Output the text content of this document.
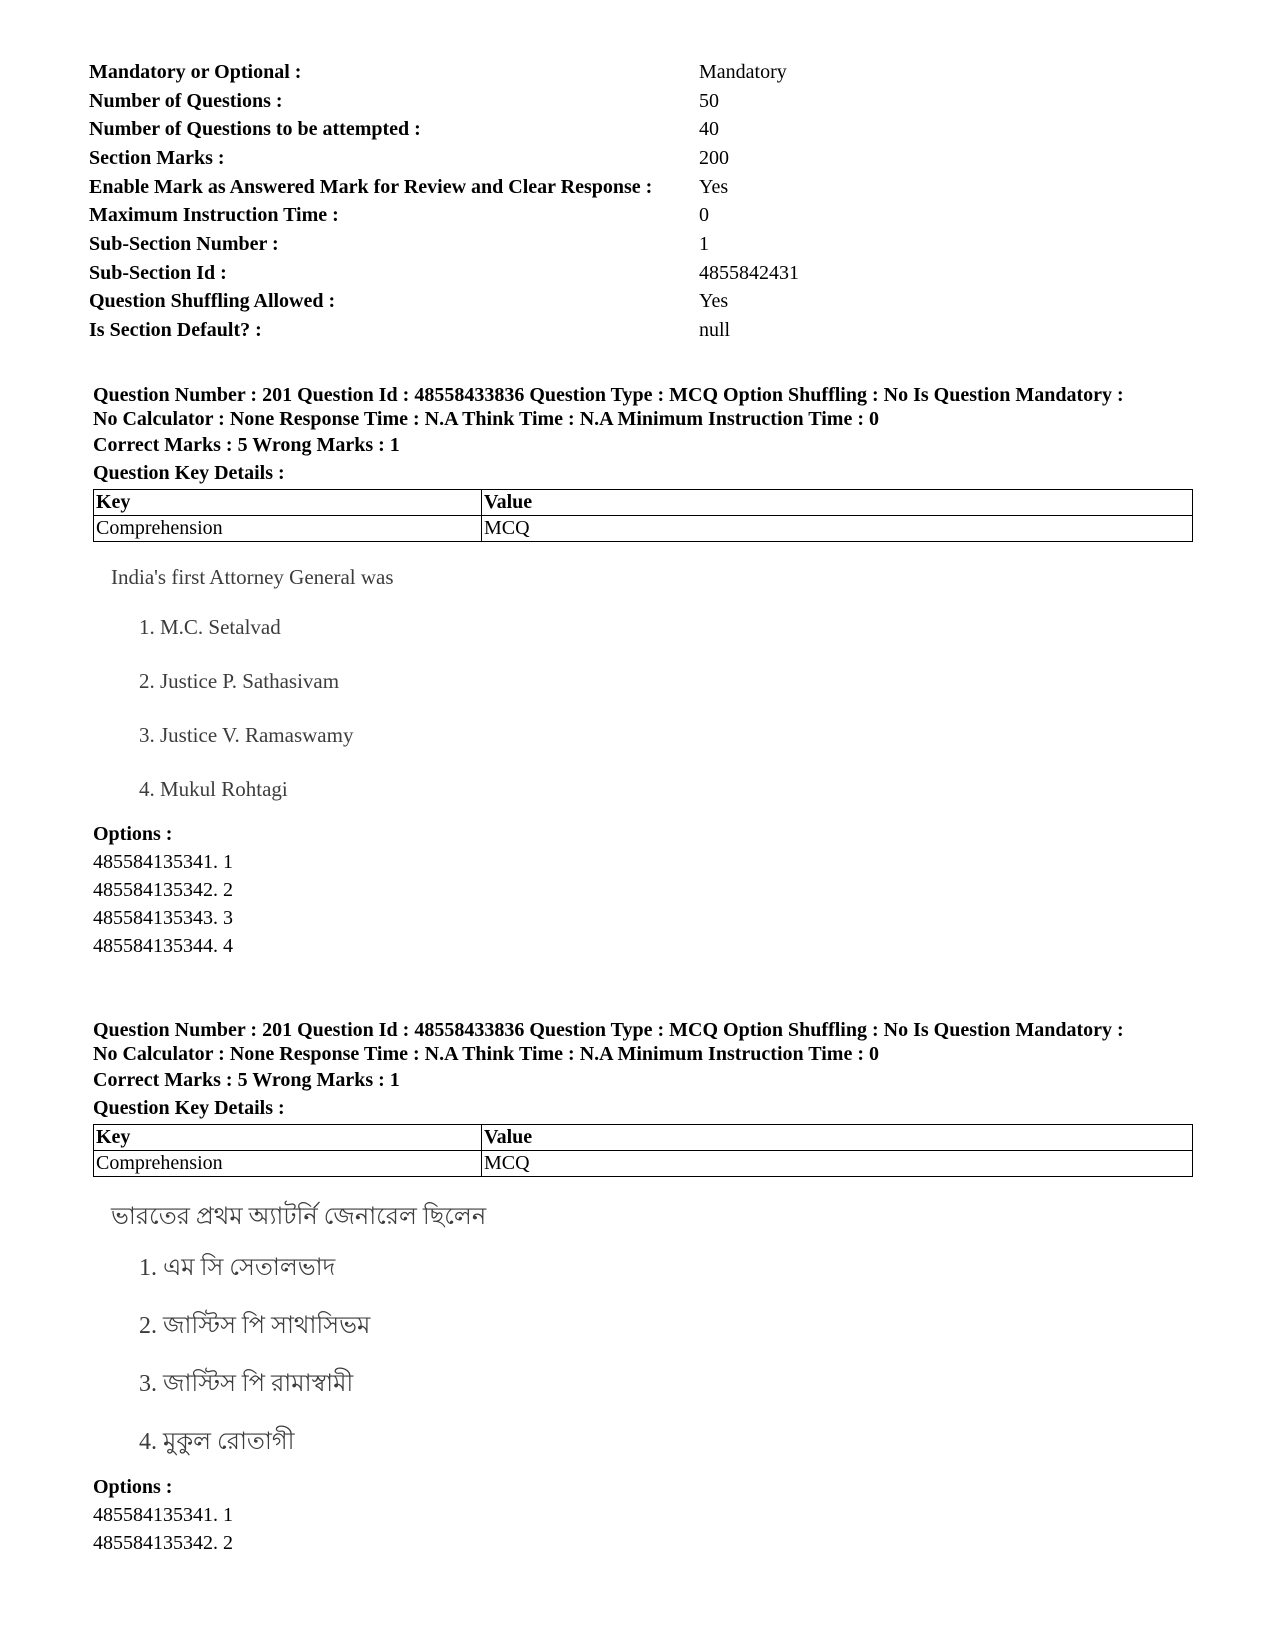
Mandatory or Optional :	Mandatory
Number of Questions :	50
Number of Questions to be attempted :	40
Section Marks :	200
Enable Mark as Answered Mark for Review and Clear Response :	Yes
Maximum Instruction Time :	0
Sub-Section Number :	1
Sub-Section Id :	4855842431
Question Shuffling Allowed :	Yes
Is Section Default? :	null

Question Number : 201 Question Id : 48558433836 Question Type : MCQ Option Shuffling : No Is Question Mandatory :

No Calculator : None Response Time : N.A Think Time : N.A Minimum Instruction Time : 0

Correct Marks : 5 Wrong Marks : 1

Question Key Details :

Key	Value
Comprehension	MCQ

India's first Attorney General was

1. M.C. Setalvad

2. Justice P. Sathasivam

3. Justice V. Ramaswamy

4. Mukul Rohtagi

Options :

485584135341. 1

485584135342. 2

485584135343. 3

485584135344. 4

Question Number : 201 Question Id : 48558433836 Question Type : MCQ Option Shuffling : No Is Question Mandatory :

No Calculator : None Response Time : N.A Think Time : N.A Minimum Instruction Time : 0

Correct Marks : 5 Wrong Marks : 1

Question Key Details :

Key	Value
Comprehension	MCQ

ভারতের প্রথম অ্যাটর্নি জেনারেল ছিলেন

1. এম সি সেতালভাদ

2. জাস্টিস পি সাথাসিভম

3. জাস্টিস পি রামাস্বামী

4. মুকুল রোতাগী

Options :

485584135341. 1

485584135342. 2
